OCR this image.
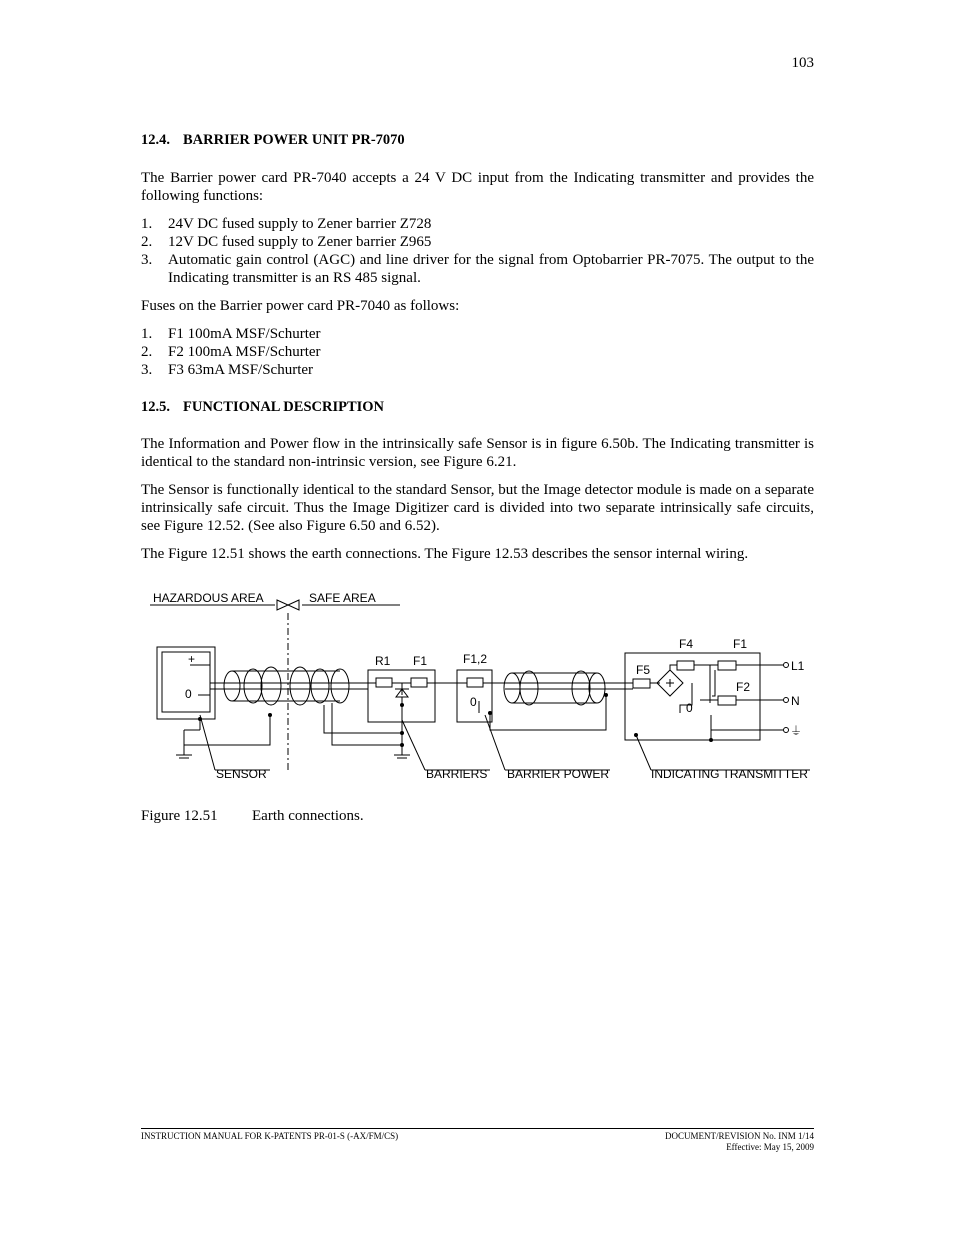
103
12.4. BARRIER POWER UNIT PR-7070
The Barrier power card PR-7040 accepts a 24 V DC input from the Indicating transmitter and provides the following functions:
1. 24V DC fused supply to Zener barrier Z728
2. 12V DC fused supply to Zener barrier Z965
3. Automatic gain control (AGC) and line driver for the signal from Optobarrier PR-7075. The output to the Indicating transmitter is an RS 485 signal.
Fuses on the Barrier power card PR-7040 as follows:
1. F1 100mA MSF/Schurter
2. F2 100mA MSF/Schurter
3. F3 63mA MSF/Schurter
12.5. FUNCTIONAL DESCRIPTION
The Information and Power flow in the intrinsically safe Sensor is in figure 6.50b. The Indicating transmitter is identical to the standard non-intrinsic version, see Figure 6.21.
The Sensor is functionally identical to the standard Sensor, but the Image detector module is made on a separate intrinsically safe circuit. Thus the Image Digitizer card is divided into two separate intrinsically safe circuits, see Figure 12.52. (See also Figure 6.50 and 6.52).
The Figure 12.51 shows the earth connections. The Figure 12.53 describes the sensor internal wiring.
HAZARDOUS AREA	SAFE AREA
+
0
R1 F1	F1,2
0
F4	F1
F5
F2
0
L1
N
⏚
SENSOR	BARRIERS BARRIER POWER	INDICATING TRANSMITTER
Figure 12.51 Earth connections.
INSTRUCTION MANUAL FOR K-PATENTS PR-01-S (-AX/FM/CS)	DOCUMENT/REVISION No. INM 1/14
Effective: May 15, 2009
